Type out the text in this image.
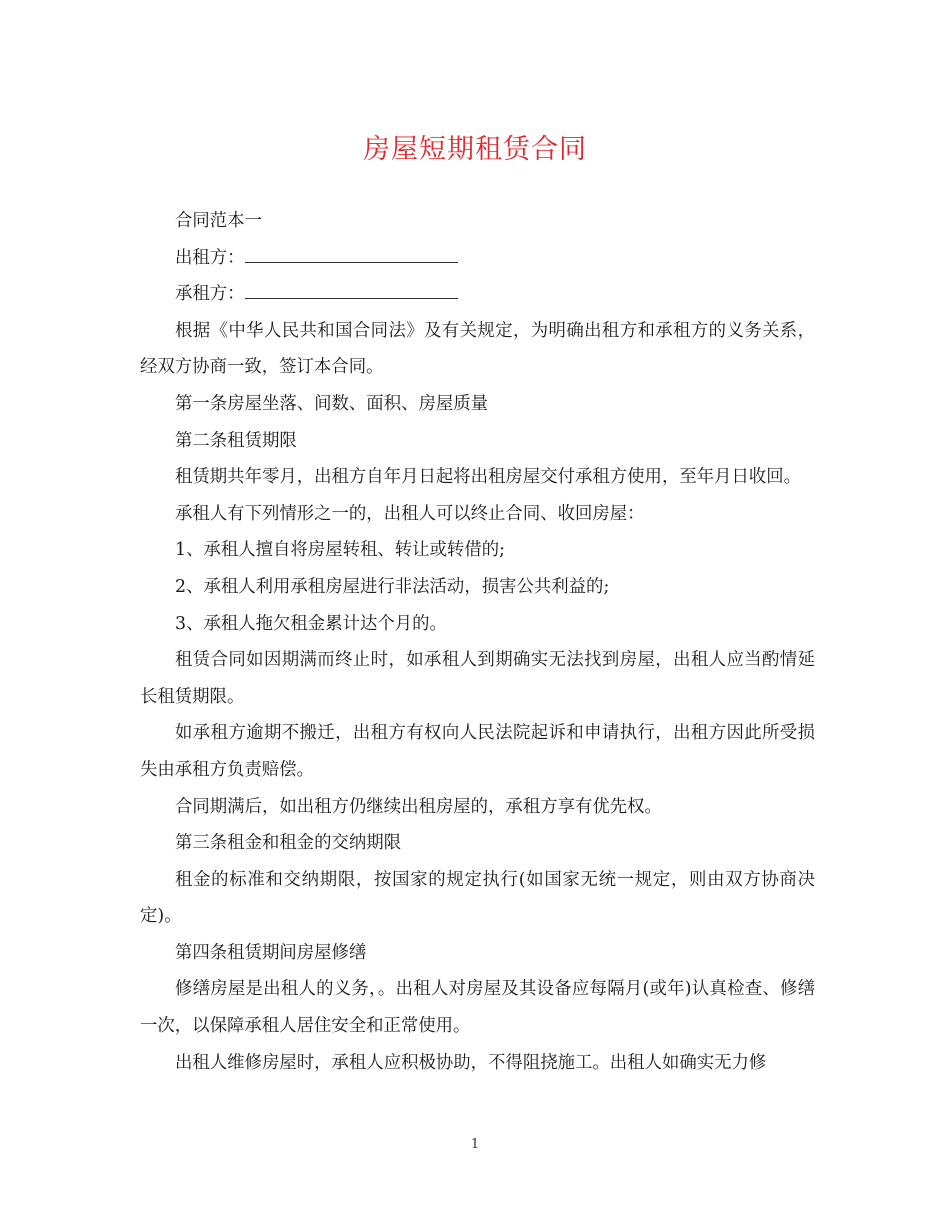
房屋短期租赁合同

合同范本一

出租方：

承租方：

根据《中华人民共和国合同法》及有关规定，为明确出租方和承租方的义务关系，经双方协商一致，签订本合同。

第一条房屋坐落、间数、面积、房屋质量

第二条租赁期限

租赁期共年零月，出租方自年月日起将出租房屋交付承租方使用，至年月日收回。

承租人有下列情形之一的，出租人可以终止合同、收回房屋：

1、承租人擅自将房屋转租、转让或转借的;

2、承租人利用承租房屋进行非法活动，损害公共利益的;

3、承租人拖欠租金累计达个月的。

租赁合同如因期满而终止时，如承租人到期确实无法找到房屋，出租人应当酌情延长租赁期限。

如承租方逾期不搬迁，出租方有权向人民法院起诉和申请执行，出租方因此所受损失由承租方负责赔偿。

合同期满后，如出租方仍继续出租房屋的，承租方享有优先权。

第三条租金和租金的交纳期限

租金的标准和交纳期限，按国家的规定执行(如国家无统一规定，则由双方协商决定)。

第四条租赁期间房屋修缮

修缮房屋是出租人的义务，。出租人对房屋及其设备应每隔月(或年)认真检查、修缮一次，以保障承租人居住安全和正常使用。

出租人维修房屋时，承租人应积极协助，不得阻挠施工。出租人如确实无力修

1
